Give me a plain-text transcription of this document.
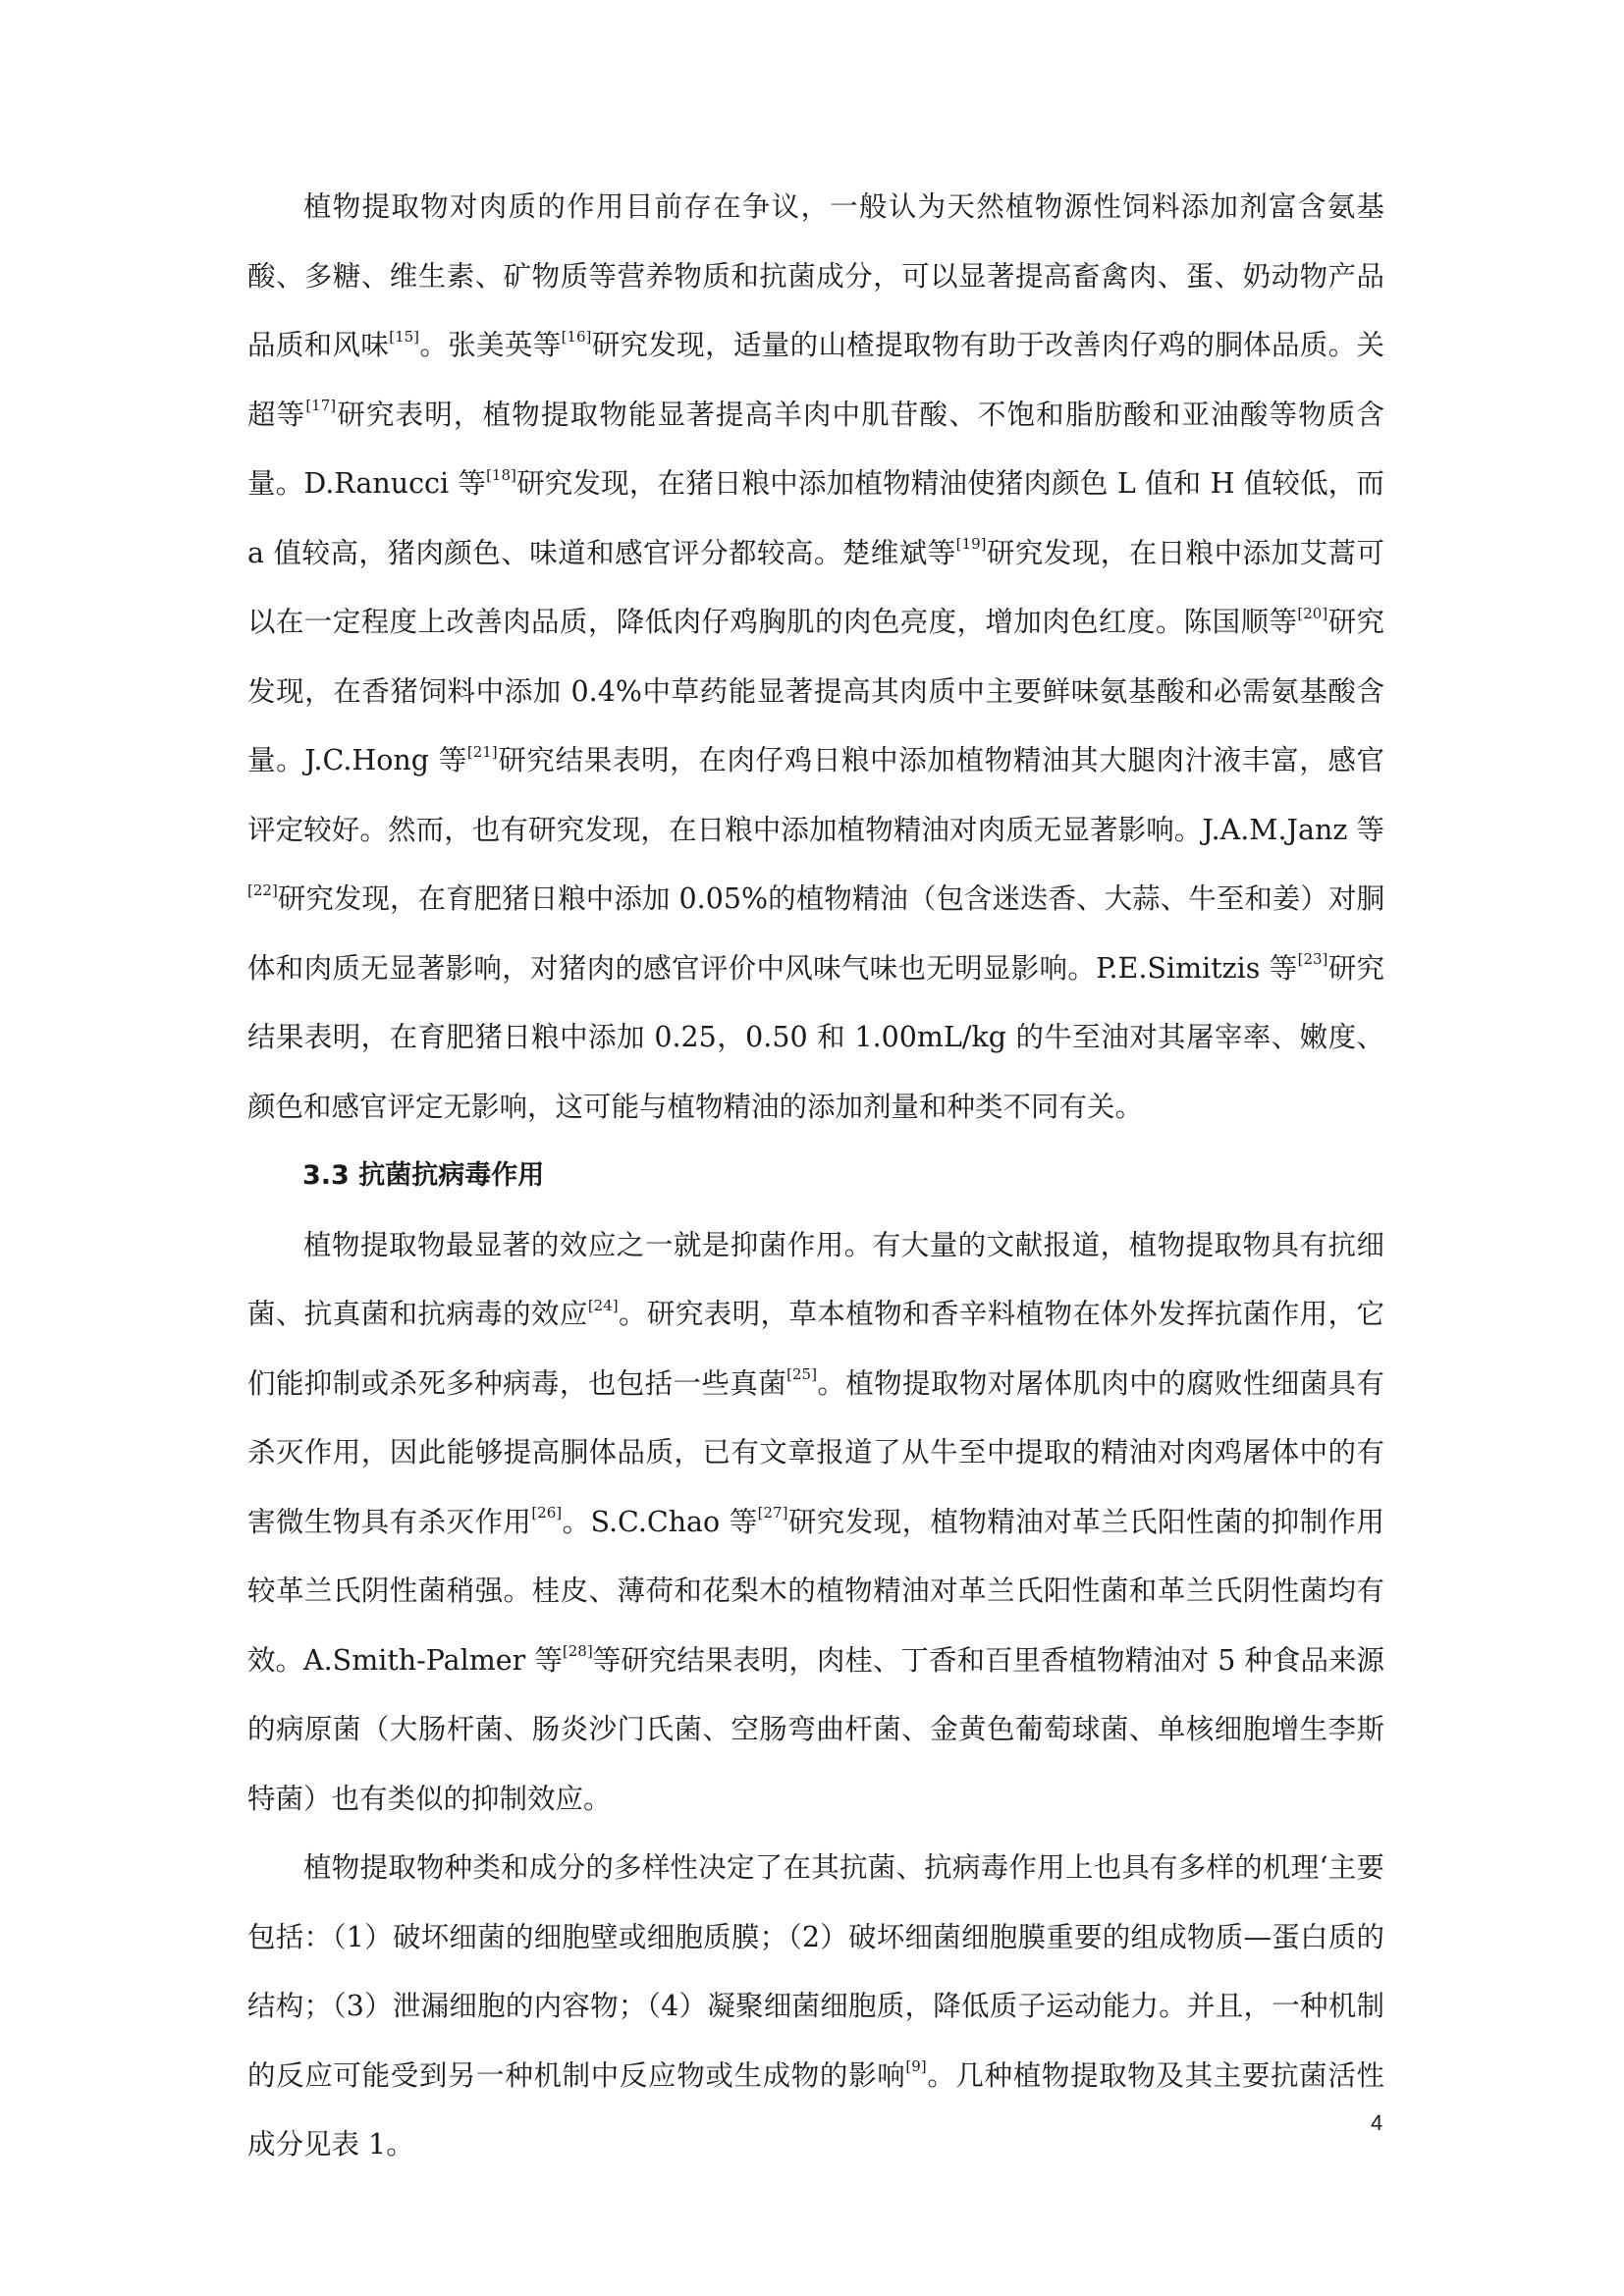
植物提取物对肉质的作用目前存在争议，一般认为天然植物源性饲料添加剂富含氨基酸、多糖、维生素、矿物质等营养物质和抗菌成分，可以显著提高畜禽肉、蛋、奶动物产品品质和风味[15]。张美英等[16]研究发现，适量的山楂提取物有助于改善肉仔鸡的胴体品质。关超等[17]研究表明，植物提取物能显著提高羊肉中肌苷酸、不饱和脂肪酸和亚油酸等物质含量。D.Ranucci 等[18]研究发现，在猪日粮中添加植物精油使猪肉颜色 L 值和 H 值较低，而 a 值较高，猪肉颜色、味道和感官评分都较高。楚维斌等[19]研究发现，在日粮中添加艾蒿可以在一定程度上改善肉品质，降低肉仔鸡胸肌的肉色亮度，增加肉色红度。陈国顺等[20]研究发现，在香猪饲料中添加 0.4%中草药能显著提高其肉质中主要鲜味氨基酸和必需氨基酸含量。J.C.Hong 等[21]研究结果表明，在肉仔鸡日粮中添加植物精油其大腿肉汁液丰富，感官评定较好。然而，也有研究发现，在日粮中添加植物精油对肉质无显著影响。J.A.M.Janz 等[22]研究发现，在育肥猪日粮中添加 0.05%的植物精油（包含迷迭香、大蒜、牛至和姜）对胴体和肉质无显著影响，对猪肉的感官评价中风味气味也无明显影响。P.E.Simitzis 等[23]研究结果表明，在育肥猪日粮中添加 0.25，0.50 和 1.00mL/kg 的牛至油对其屠宰率、嫩度、颜色和感官评定无影响，这可能与植物精油的添加剂量和种类不同有关。

3.3 抗菌抗病毒作用

植物提取物最显著的效应之一就是抑菌作用。有大量的文献报道，植物提取物具有抗细菌、抗真菌和抗病毒的效应[24]。研究表明，草本植物和香辛料植物在体外发挥抗菌作用，它们能抑制或杀死多种病毒，也包括一些真菌[25]。植物提取物对屠体肌肉中的腐败性细菌具有杀灭作用，因此能够提高胴体品质，已有文章报道了从牛至中提取的精油对肉鸡屠体中的有害微生物具有杀灭作用[26]。S.C.Chao 等[27]研究发现，植物精油对革兰氏阳性菌的抑制作用较革兰氏阴性菌稍强。桂皮、薄荷和花梨木的植物精油对革兰氏阳性菌和革兰氏阴性菌均有效。A.Smith-Palmer 等[28]等研究结果表明，肉桂、丁香和百里香植物精油对 5 种食品来源的病原菌（大肠杆菌、肠炎沙门氏菌、空肠弯曲杆菌、金黄色葡萄球菌、单核细胞增生李斯特菌）也有类似的抑制效应。

植物提取物种类和成分的多样性决定了在其抗菌、抗病毒作用上也具有多样的机理‘主要包括：（1）破坏细菌的细胞壁或细胞质膜；（2）破坏细菌细胞膜重要的组成物质—蛋白质的结构；（3）泄漏细胞的内容物；（4）凝聚细菌细胞质，降低质子运动能力。并且，一种机制的反应可能受到另一种机制中反应物或生成物的影响[9]。几种植物提取物及其主要抗菌活性成分见表 1。

4
